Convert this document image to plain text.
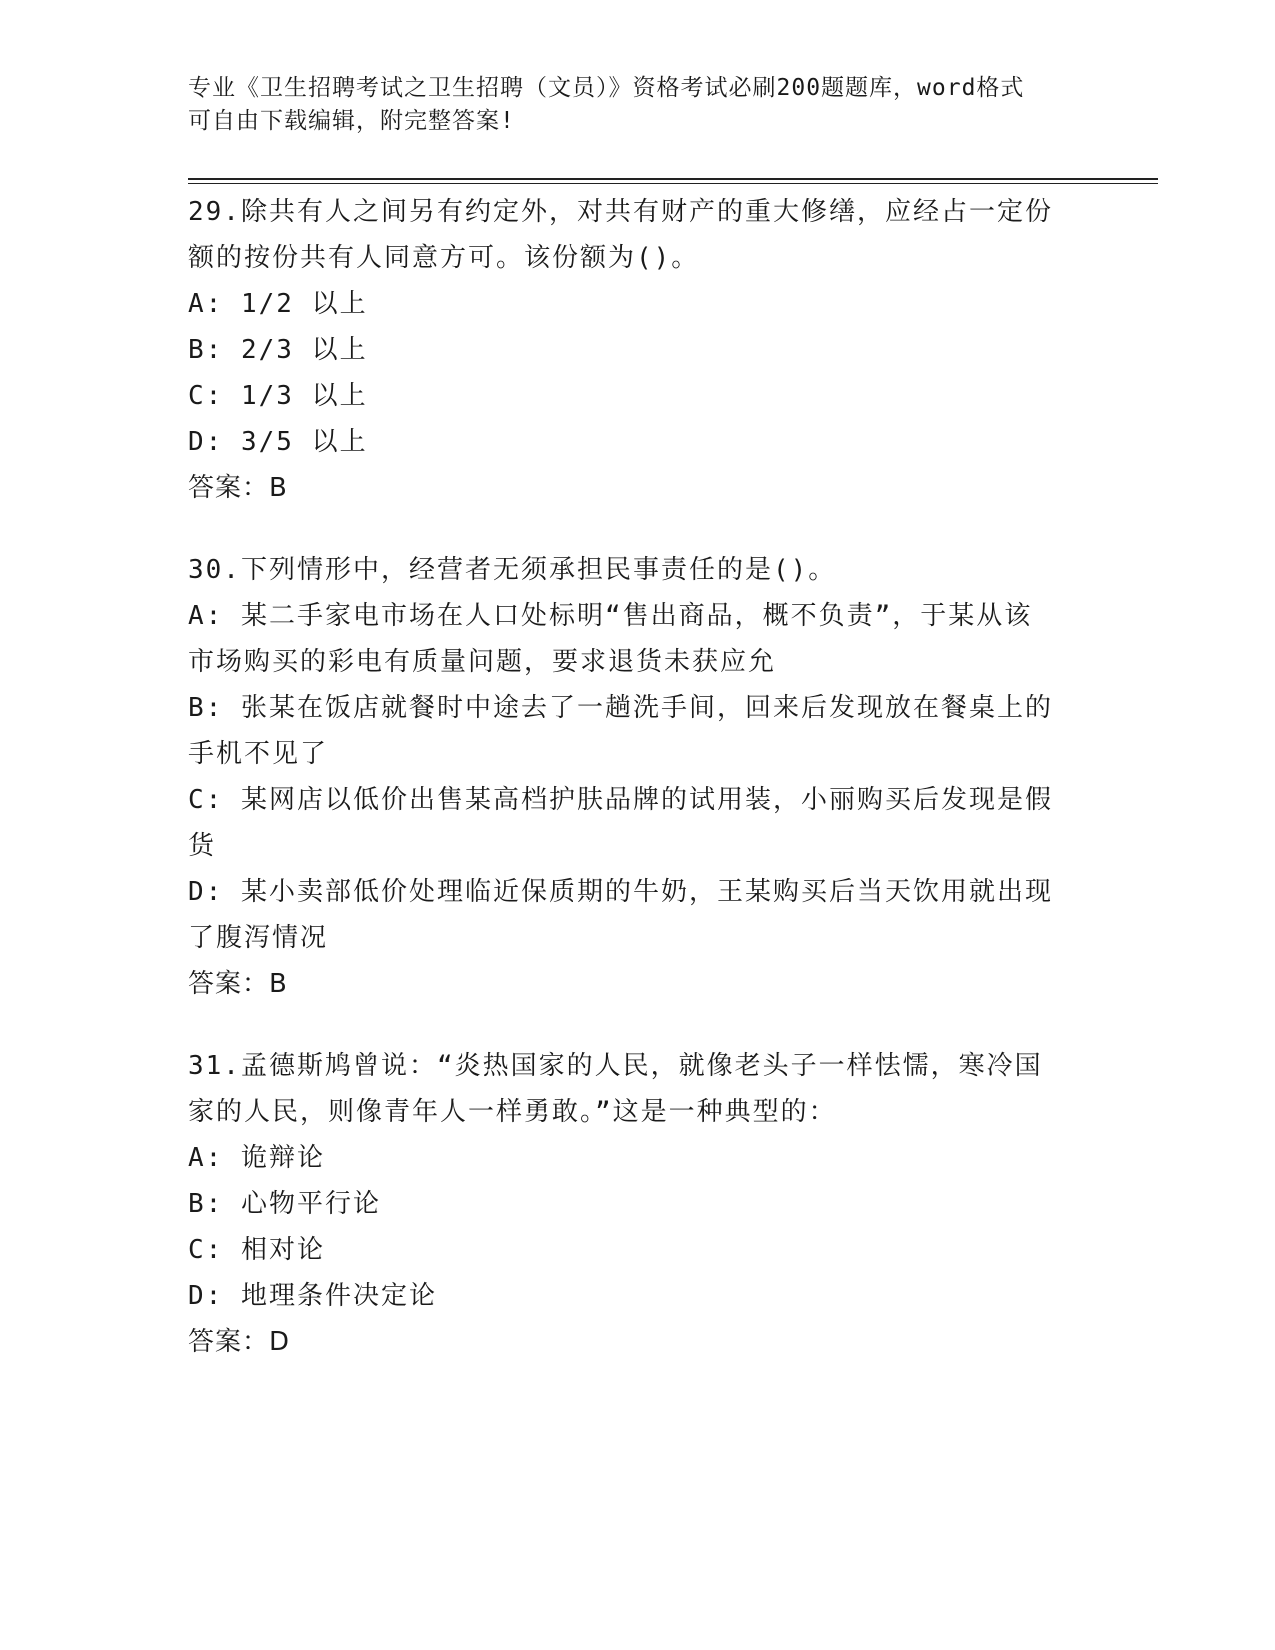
专业《卫生招聘考试之卫生招聘（文员）》资格考试必刷200题题库，word格式
可自由下载编辑，附完整答案!

29.除共有人之间另有约定外，对共有财产的重大修缮，应经占一定份

额的按份共有人同意方可。该份额为()。

A: 1/2 以上

B: 2/3 以上

C: 1/3 以上

D: 3/5 以上

答案：B

30.下列情形中，经营者无须承担民事责任的是()。

A: 某二手家电市场在人口处标明“售出商品，概不负责”，于某从该

市场购买的彩电有质量问题，要求退货未获应允

B: 张某在饭店就餐时中途去了一趟洗手间，回来后发现放在餐桌上的

手机不见了

C: 某网店以低价出售某高档护肤品牌的试用装，小丽购买后发现是假

货

D: 某小卖部低价处理临近保质期的牛奶，王某购买后当天饮用就出现

了腹泻情况

答案：B

31.孟德斯鸠曾说：“炎热国家的人民，就像老头子一样怯懦，寒冷国

家的人民，则像青年人一样勇敢。”这是一种典型的：

A: 诡辩论

B: 心物平行论

C: 相对论

D: 地理条件决定论

答案：D
